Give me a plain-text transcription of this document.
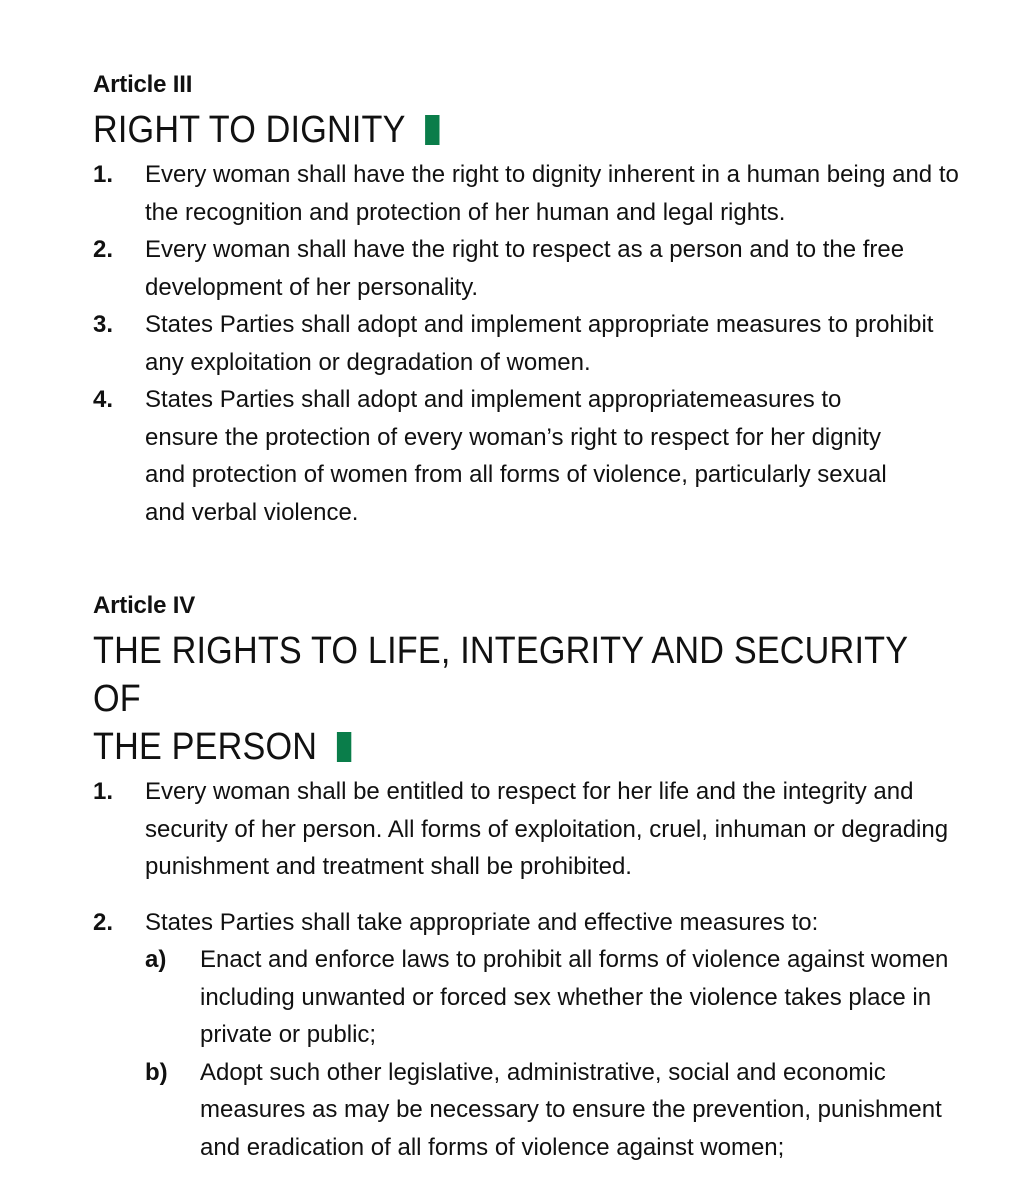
Article III

RIGHT TO DIGNITY
1. Every woman shall have the right to dignity inherent in a human being and to the recognition and protection of her human and legal rights.
2. Every woman shall have the right to respect as a person and to the free development of her personality.
3. States Parties shall adopt and implement appropriate measures to prohibit any exploitation or degradation of women.
4. States Parties shall adopt and implement appropriatemeasures to ensure the protection of every woman’s right to respect for her dignity and protection of women from all forms of violence, particularly sexual and verbal violence.

Article IV

THE RIGHTS TO LIFE, INTEGRITY AND SECURITY OF
THE PERSON
1. Every woman shall be entitled to respect for her life and the integrity and security of her person. All forms of exploitation, cruel, inhuman or degrading punishment and treatment shall be prohibited.
2. States Parties shall take appropriate and effective measures to:
a) Enact and enforce laws to prohibit all forms of violence against women including unwanted or forced sex whether the violence takes place in private or public;
b) Adopt such other legislative, administrative, social and economic measures as may be necessary to ensure the prevention, punishment and eradication of all forms of violence against women;
